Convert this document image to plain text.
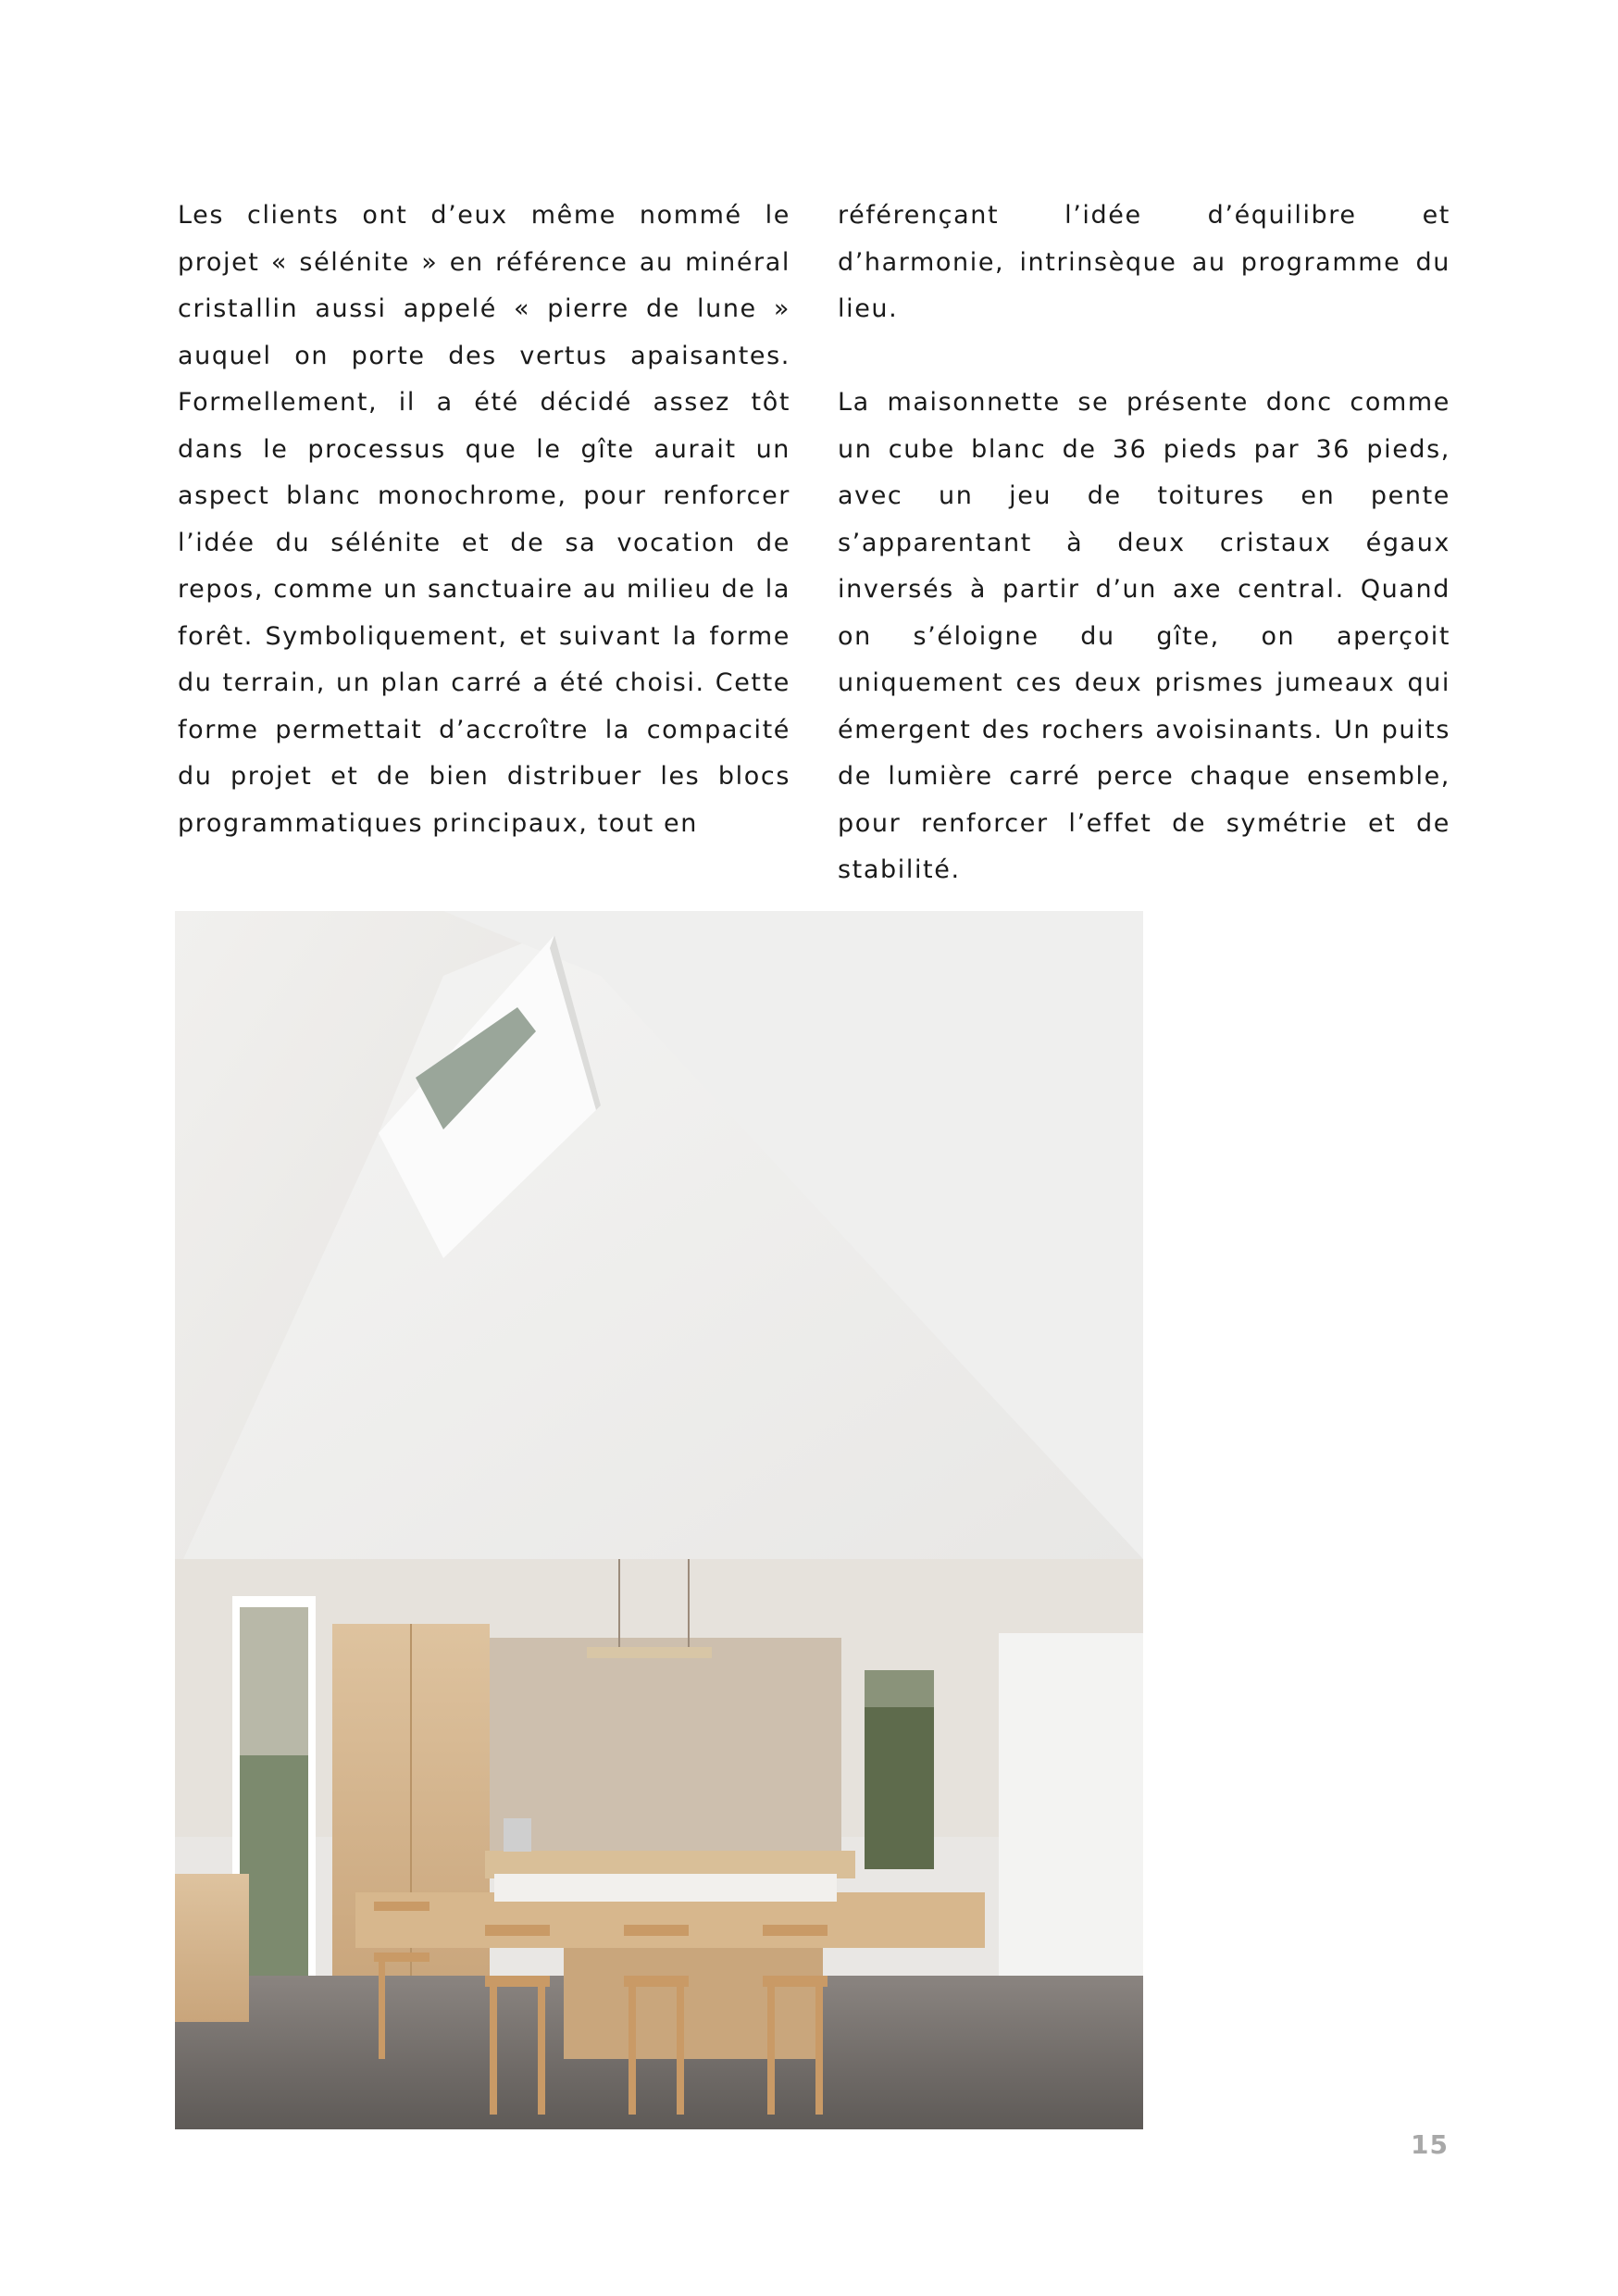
Les clients ont d’eux même nommé le projet « sélénite » en référence au minéral cristallin aussi appelé « pierre de lune » auquel on porte des vertus apaisantes. Formellement, il a été décidé assez tôt dans le processus que le gîte aurait un aspect blanc monochrome, pour renforcer l’idée du sélénite et de sa vocation de repos, comme un sanctuaire au milieu de la forêt. Symboliquement, et suivant la forme du terrain, un plan carré a été choisi. Cette forme permettait d’accroître la compacité du projet et de bien distribuer les blocs programmatiques principaux, tout en

référençant l’idée d’équilibre et d’harmonie, intrinsèque au programme du lieu.

La maisonnette se présente donc comme un cube blanc de 36 pieds par 36 pieds, avec un jeu de toitures en pente s’apparentant à deux cristaux égaux inversés à partir d’un axe central. Quand on s’éloigne du gîte, on aperçoit uniquement ces deux prismes jumeaux qui émergent des rochers avoisinants. Un puits de lumière carré perce chaque ensemble, pour renforcer l’effet de symétrie et de stabilité.

15
